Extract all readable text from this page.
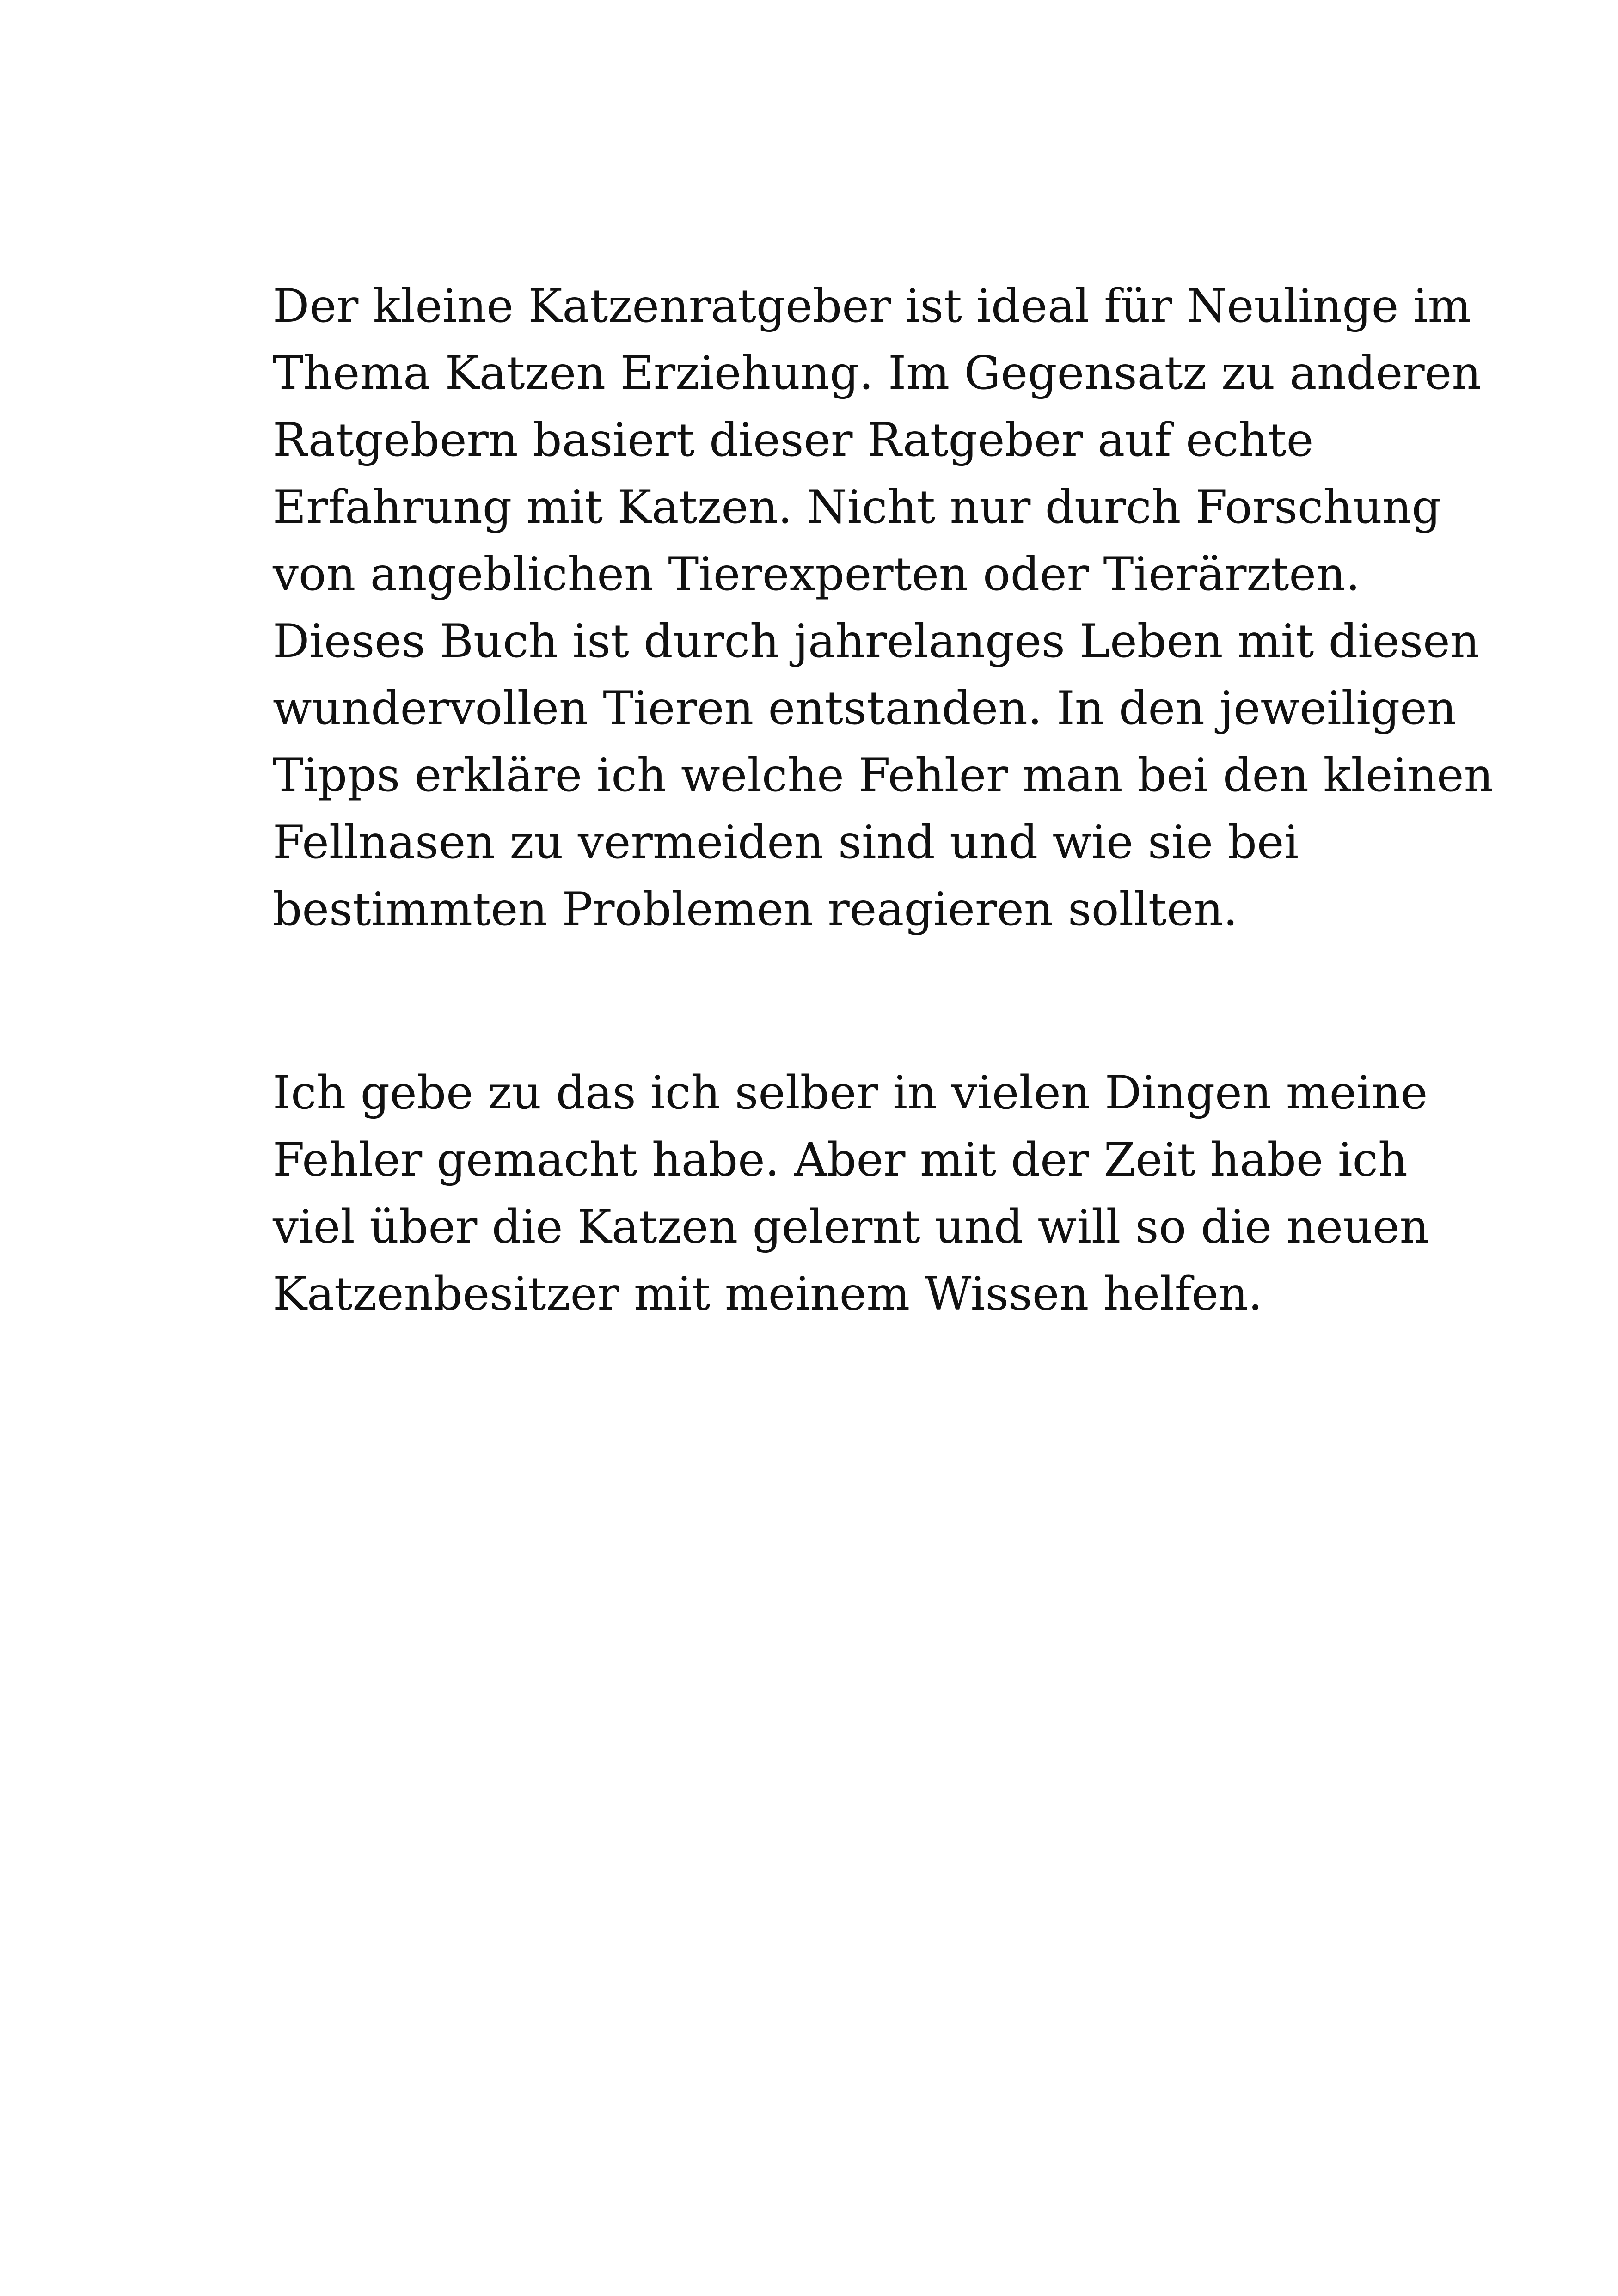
Der kleine Katzenratgeber ist ideal für Neulinge im
Thema Katzen Erziehung. Im Gegensatz zu anderen
Ratgebern basiert dieser Ratgeber auf echte
Erfahrung mit Katzen. Nicht nur durch Forschung
von angeblichen Tierexperten oder Tierärzten.
Dieses Buch ist durch jahrelanges Leben mit diesen
wundervollen Tieren entstanden. In den jeweiligen
Tipps erkläre ich welche Fehler man bei den kleinen
Fellnasen zu vermeiden sind und wie sie bei
bestimmten Problemen reagieren sollten.

Ich gebe zu das ich selber in vielen Dingen meine
Fehler gemacht habe. Aber mit der Zeit habe ich
viel über die Katzen gelernt und will so die neuen
Katzenbesitzer mit meinem Wissen helfen.
